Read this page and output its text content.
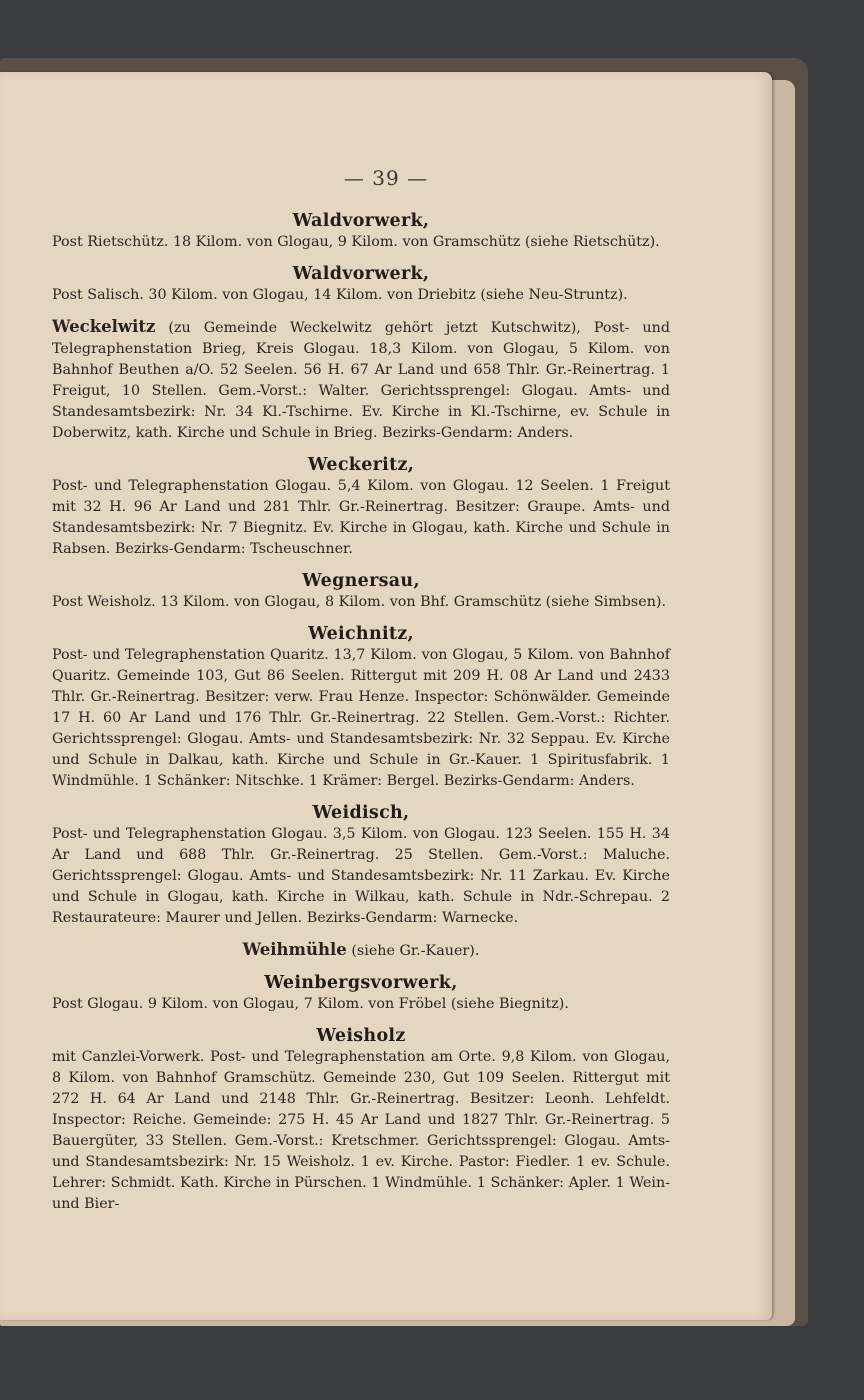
— 39 —
Waldvorwerk,

Post Rietschütz. 18 Kilom. von Glogau, 9 Kilom. von Gramschütz (siehe Rietschütz).

Waldvorwerk,

Post Salisch. 30 Kilom. von Glogau, 14 Kilom. von Driebitz (siehe Neu-Struntz).

Weckelwitz (zu Gemeinde Weckelwitz gehört jetzt Kutschwitz), Post- und Telegraphenstation Brieg, Kreis Glogau. 18,3 Kilom. von Glogau, 5 Kilom. von Bahnhof Beuthen a/O. 52 Seelen. 56 H. 67 Ar Land und 658 Thlr. Gr.-Reinertrag. 1 Freigut, 10 Stellen. Gem.-Vorst.: Walter. Gerichtssprengel: Glogau. Amts- und Standesamtsbezirk: Nr. 34 Kl.-Tschirne. Ev. Kirche in Kl.-Tschirne, ev. Schule in Doberwitz, kath. Kirche und Schule in Brieg. Bezirks-Gendarm: Anders.

Weckeritz,

Post- und Telegraphenstation Glogau. 5,4 Kilom. von Glogau. 12 Seelen. 1 Freigut mit 32 H. 96 Ar Land und 281 Thlr. Gr.-Reinertrag. Besitzer: Graupe. Amts- und Standesamtsbezirk: Nr. 7 Biegnitz. Ev. Kirche in Glogau, kath. Kirche und Schule in Rabsen. Bezirks-Gendarm: Tscheuschner.

Wegnersau,

Post Weisholz. 13 Kilom. von Glogau, 8 Kilom. von Bhf. Gramschütz (siehe Simbsen).

Weichnitz,

Post- und Telegraphenstation Quaritz. 13,7 Kilom. von Glogau, 5 Kilom. von Bahnhof Quaritz. Gemeinde 103, Gut 86 Seelen. Rittergut mit 209 H. 08 Ar Land und 2433 Thlr. Gr.-Reinertrag. Besitzer: verw. Frau Henze. Inspector: Schönwälder. Gemeinde 17 H. 60 Ar Land und 176 Thlr. Gr.-Reinertrag. 22 Stellen. Gem.-Vorst.: Richter. Gerichtssprengel: Glogau. Amts- und Standesamtsbezirk: Nr. 32 Seppau. Ev. Kirche und Schule in Dalkau, kath. Kirche und Schule in Gr.-Kauer. 1 Spiritusfabrik. 1 Windmühle. 1 Schänker: Nitschke. 1 Krämer: Bergel. Bezirks-Gendarm: Anders.

Weidisch,

Post- und Telegraphenstation Glogau. 3,5 Kilom. von Glogau. 123 Seelen. 155 H. 34 Ar Land und 688 Thlr. Gr.-Reinertrag. 25 Stellen. Gem.-Vorst.: Maluche. Gerichtssprengel: Glogau. Amts- und Standesamtsbezirk: Nr. 11 Zarkau. Ev. Kirche und Schule in Glogau, kath. Kirche in Wilkau, kath. Schule in Ndr.-Schrepau. 2 Restaurateure: Maurer und Jellen. Bezirks-Gendarm: Warnecke.

Weihmühle (siehe Gr.-Kauer).

Weinbergsvorwerk,

Post Glogau. 9 Kilom. von Glogau, 7 Kilom. von Fröbel (siehe Biegnitz).

Weisholz

mit Canzlei-Vorwerk. Post- und Telegraphenstation am Orte. 9,8 Kilom. von Glogau, 8 Kilom. von Bahnhof Gramschütz. Gemeinde 230, Gut 109 Seelen. Rittergut mit 272 H. 64 Ar Land und 2148 Thlr. Gr.-Reinertrag. Besitzer: Leonh. Lehfeldt. Inspector: Reiche. Gemeinde: 275 H. 45 Ar Land und 1827 Thlr. Gr.-Reinertrag. 5 Bauergüter, 33 Stellen. Gem.-Vorst.: Kretschmer. Gerichtssprengel: Glogau. Amts- und Standesamtsbezirk: Nr. 15 Weisholz. 1 ev. Kirche. Pastor: Fiedler. 1 ev. Schule. Lehrer: Schmidt. Kath. Kirche in Pürschen. 1 Windmühle. 1 Schänker: Apler. 1 Wein- und Bier-
